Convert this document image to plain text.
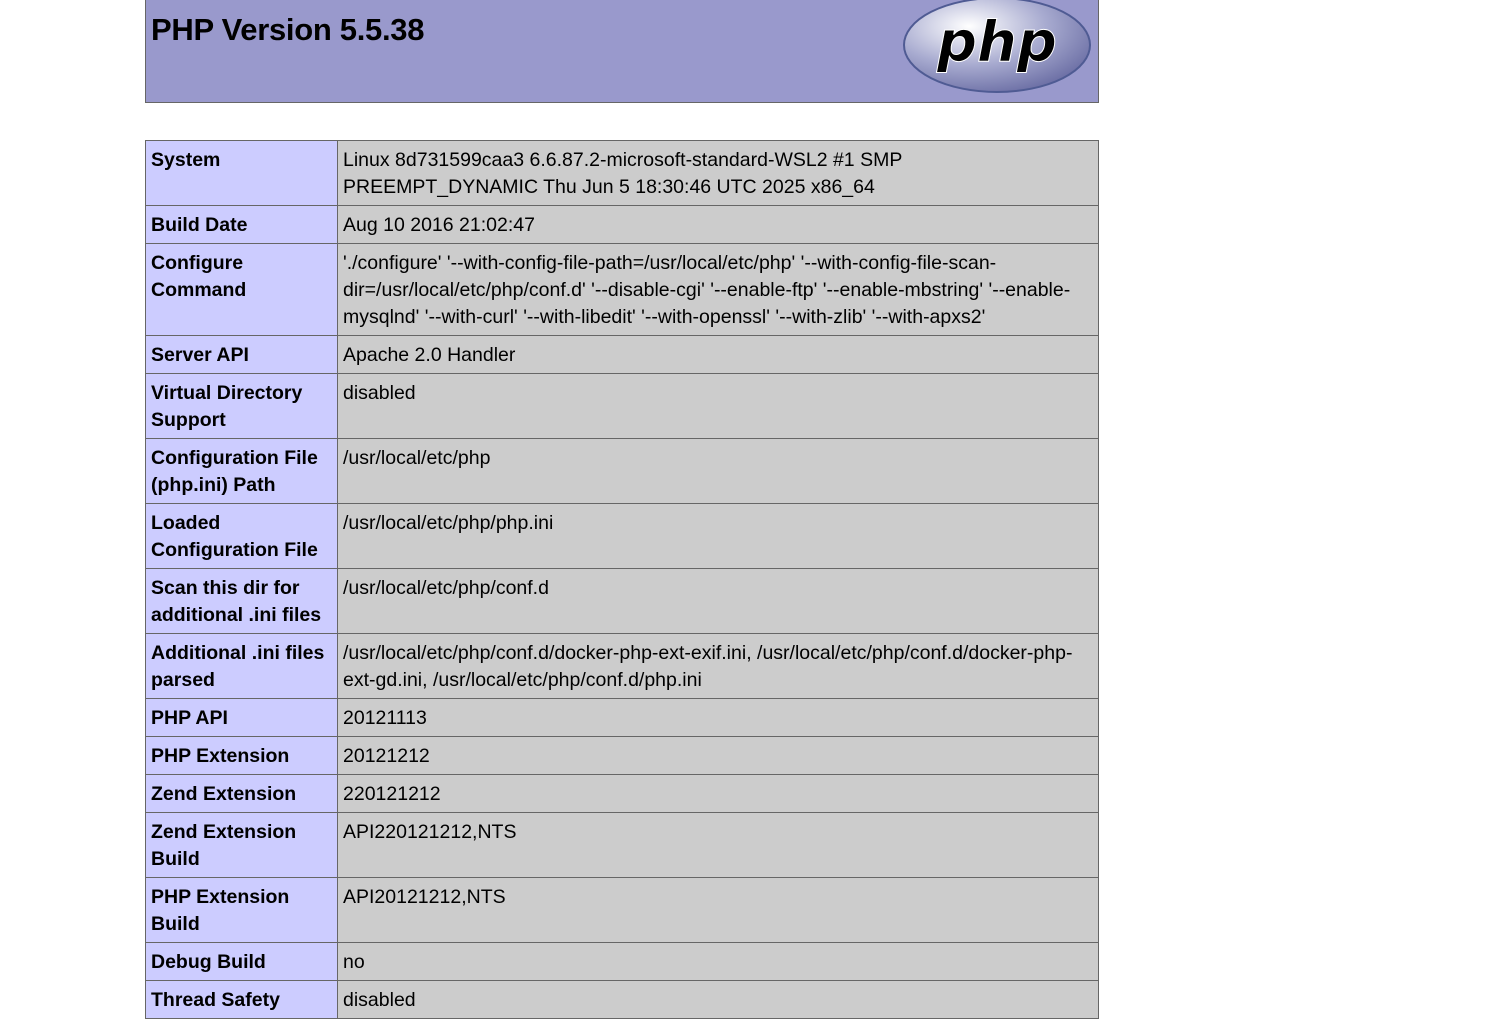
PHP Version 5.5.38	php
System	Linux 8d731599caa3 6.6.87.2-microsoft-standard-WSL2 #1 SMP PREEMPT_DYNAMIC Thu Jun 5 18:30:46 UTC 2025 x86_64
Build Date	Aug 10 2016 21:02:47
Configure Command	'./configure' '--with-config-file-path=/usr/local/etc/php' '--with-config-file-scan-dir=/usr/local/etc/php/conf.d' '--disable-cgi' '--enable-ftp' '--enable-mbstring' '--enable-mysqlnd' '--with-curl' '--with-libedit' '--with-openssl' '--with-zlib' '--with-apxs2'
Server API	Apache 2.0 Handler
Virtual Directory Support	disabled
Configuration File (php.ini) Path	/usr/local/etc/php
Loaded Configuration File	/usr/local/etc/php/php.ini
Scan this dir for additional .ini files	/usr/local/etc/php/conf.d
Additional .ini files parsed	/usr/local/etc/php/conf.d/docker-php-ext-exif.ini, /usr/local/etc/php/conf.d/docker-php-ext-gd.ini, /usr/local/etc/php/conf.d/php.ini
PHP API	20121113
PHP Extension	20121212
Zend Extension	220121212
Zend Extension Build	API220121212,NTS
PHP Extension Build	API20121212,NTS
Debug Build	no
Thread Safety	disabled
